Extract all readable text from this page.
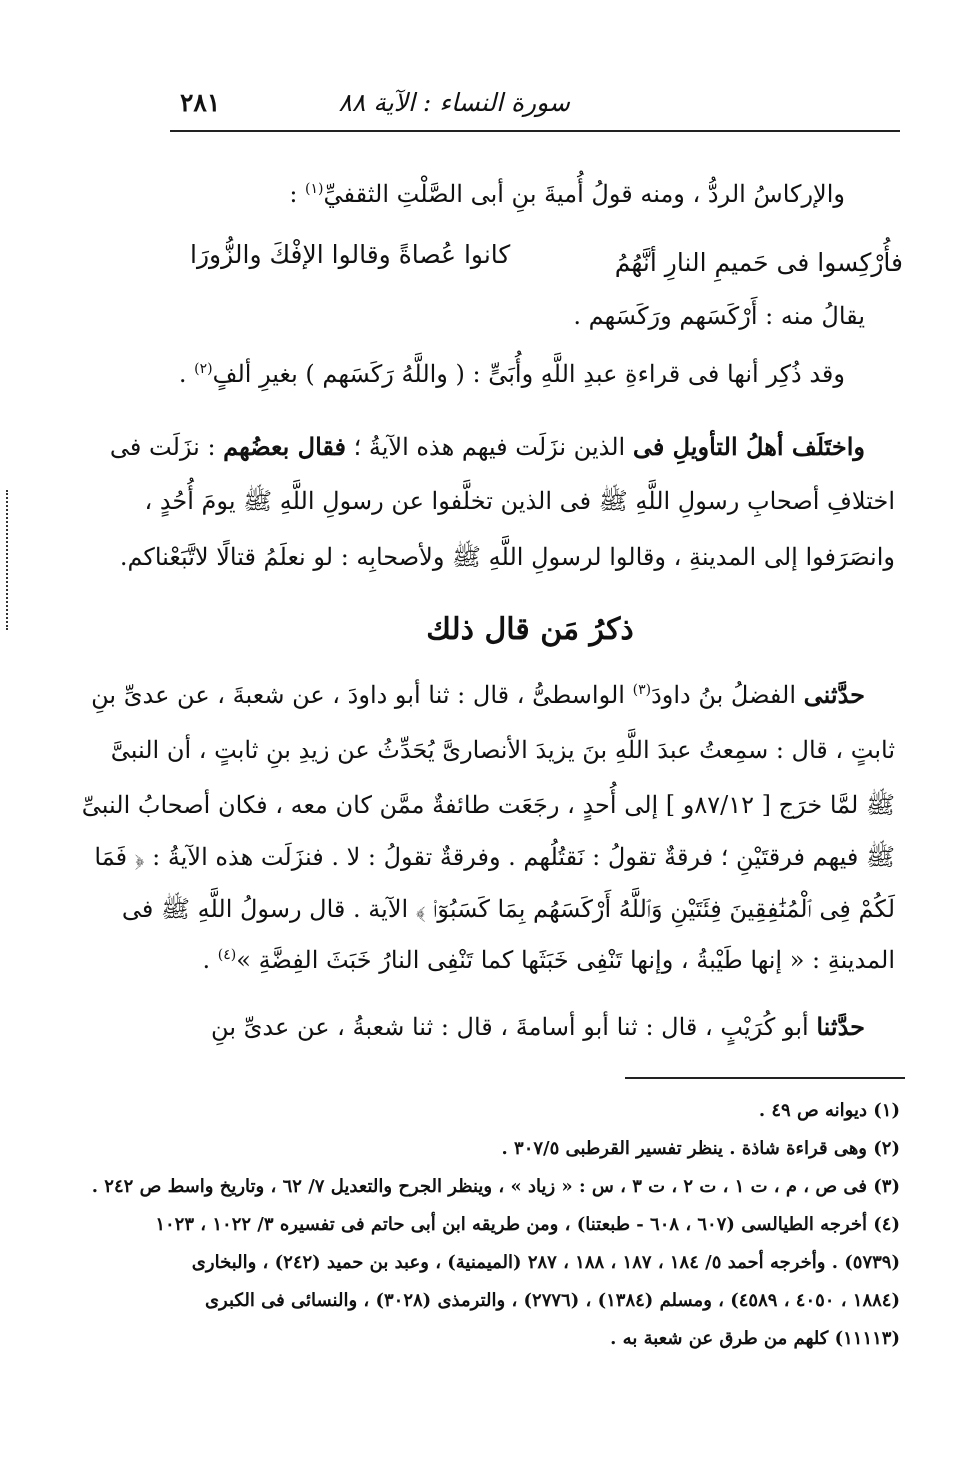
سورة النساء : الآية ٨٨
٢٨١
والإركاسُ الردُّ ، ومنه قولُ أُميةَ بنِ أبى الصَّلْتِ الثقفيِّ$^{(١)}$ :
فأُرْكِسوا فى حَميمِ النارِ أنَّهُمُ
كانوا عُصاةً وقالوا الإفْكَ والزُّورَا
يقالُ منه : أَرْكَسَهم ورَكَسَهم .
وقد ذُكِر أنها فى قراءةِ عبدِ اللَّهِ وأُبَىٍّ : ( واللَّهُ رَكَسَهم ) بغيرِ ألفٍ$^{(٢)}$ .
واختَلَف أهلُ التأويلِ فى الذين نزَلَت فيهم هذه الآيةُ ؛ فقال بعضُهم : نزَلَت فى
اختلافِ أصحابِ رسولِ اللَّهِ ﷺ فى الذين تخلَّفوا عن رسولِ اللَّهِ ﷺ يومَ أُحُدٍ ،
وانصَرَفوا إلى المدينةِ ، وقالوا لرسولِ اللَّهِ ﷺ ولأصحابِه : لو نعلَمُ قتالًا لاتَّبَعْناكم.
ذكرُ مَن قال ذلك
حدَّثنى الفضلُ بنُ داودَ$^{(٣)}$ الواسطىُّ ، قال : ثنا أبو داودَ ، عن شعبةَ ، عن عدىِّ بنِ
ثابتٍ ، قال : سمِعتُ عبدَ اللَّهِ بنَ يزيدَ الأنصارىَّ يُحَدِّثُ عن زيدِ بنِ ثابتٍ ، أن النبىَّ
ﷺ لمَّا خرَج [ ٨٧/١٢و ] إلى أُحدٍ ، رجَعَت طائفةٌ ممَّن كان معه ، فكان أصحابُ النبىِّ
ﷺ فيهم فرقتَيْنِ ؛ فرقةٌ تقولُ : نَقتُلُهم . وفرقةٌ تقولُ : لا . فنزَلَت هذه الآيةُ : ﴿ فَمَا
لَكُمْ فِى ٱلْمُنَٰفِقِينَ فِئَتَيْنِ وَٱللَّهُ أَرْكَسَهُم بِمَا كَسَبُوٓا۟ ﴾ الآية . قال رسولُ اللَّهِ ﷺ فى
المدينةِ : « إنها طَيْبةُ ، وإنها تَنْفِى خَبَثَها كما تَنْفِى النارُ خَبَثَ الفِضَّةِ »$^{(٤)}$ .
حدَّثنا أبو كُرَيْبٍ ، قال : ثنا أبو أسامةَ ، قال : ثنا شعبةُ ، عن عدىِّ بنِ
(١) ديوانه ص ٤٩ .
(٢) وهى قراءة شاذة . ينظر تفسير القرطبى ٣٠٧/٥ .
(٣) فى ص ، م ، ت ١ ، ت ٢ ، ت ٣ ، س : « زياد » ، وينظر الجرح والتعديل ٧/ ٦٢ ، وتاريخ واسط ص ٢٤٢ .
(٤) أخرجه الطيالسى (٦٠٧ ، ٦٠٨ - طبعتنا) ، ومن طريقه ابن أبى حاتم فى تفسيره ٣/ ١٠٢٢ ، ١٠٢٣
(٥٧٣٩) . وأخرجه أحمد ٥/ ١٨٤ ، ١٨٧ ، ١٨٨ ، ٢٨٧ (الميمنية) ، وعبد بن حميد (٢٤٢) ، والبخارى
(١٨٨٤ ، ٤٠٥٠ ، ٤٥٨٩) ، ومسلم (١٣٨٤) ، (٢٧٧٦) ، والترمذى (٣٠٢٨) ، والنسائى فى الكبرى
(١١١١٣) كلهم من طرق عن شعبة به .
